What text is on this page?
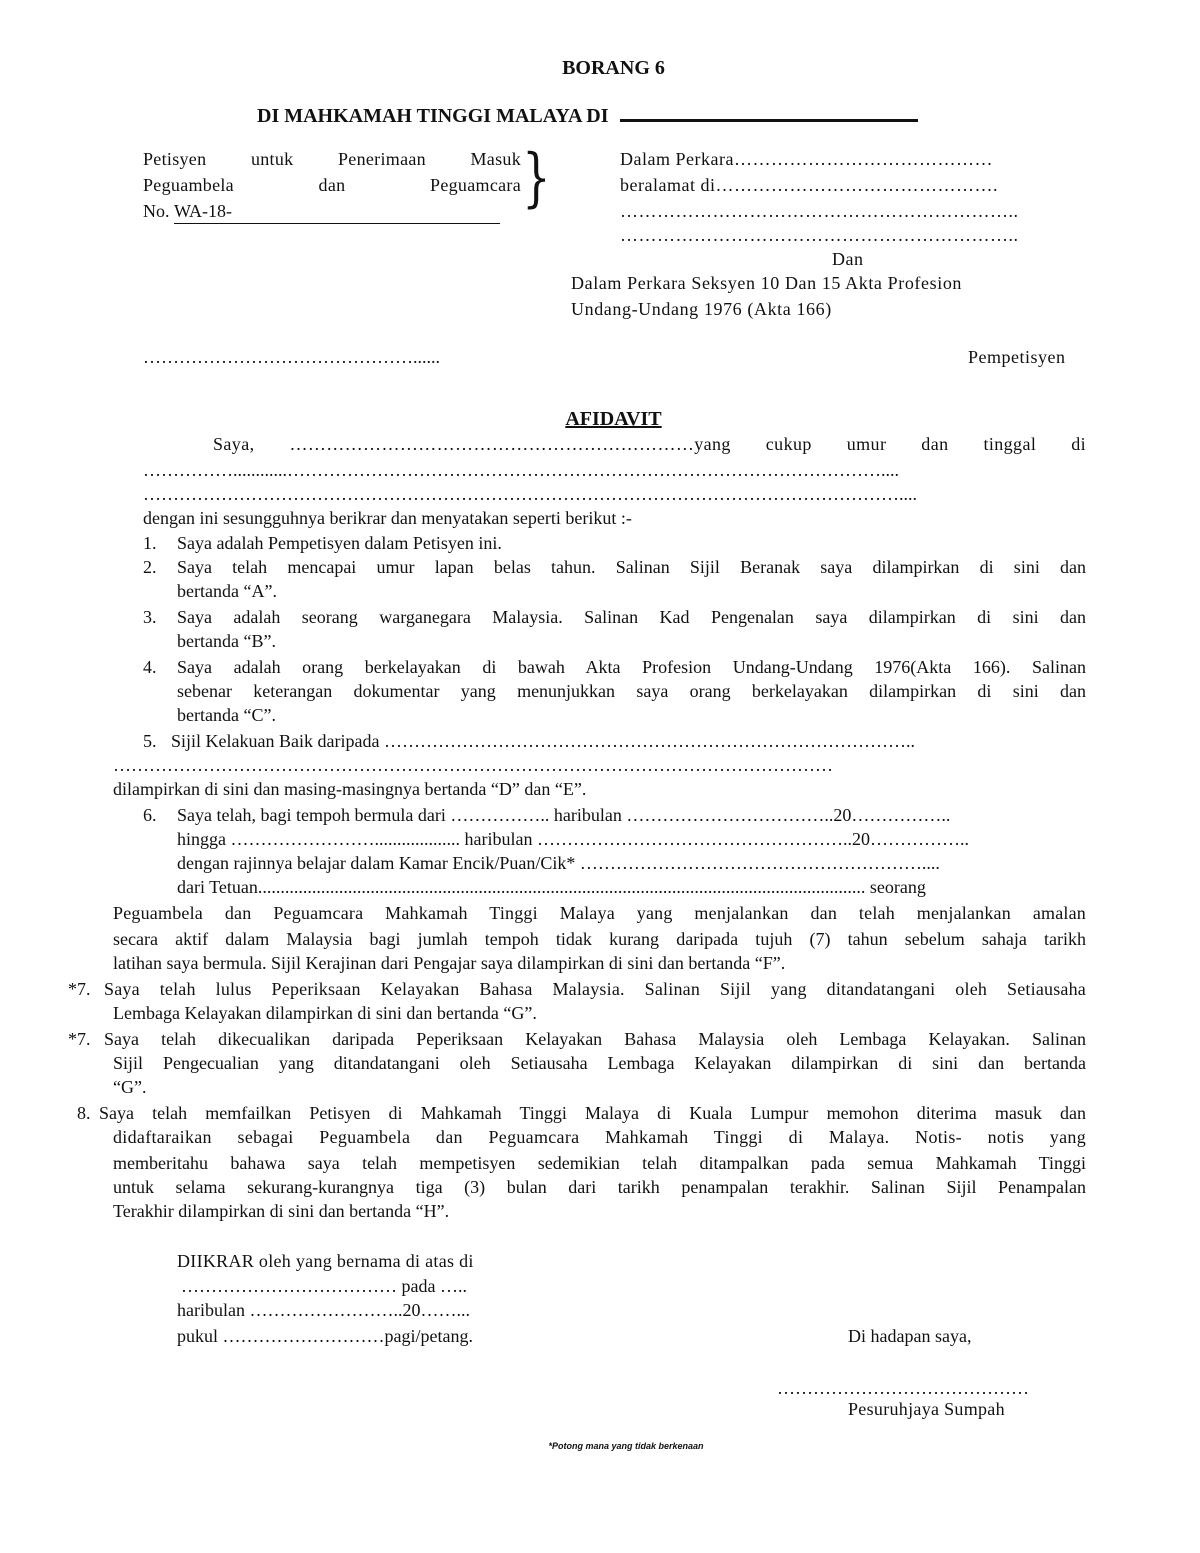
BORANG 6
DI MAHKAMAH TINGGI MALAYA DI
Petisyen untuk Penerimaan Masuk
Peguambela dan Peguamcara
No. WA-18-	}	Dalam Perkara……………………………………
beralamat di……………………………………….
………………………………………………………..
………………………………………………………..
Dan
Dalam Perkara Seksyen 10 Dan 15 Akta Profesion
Undang-Undang 1976 (Akta 166)
………………………………………......	Pempetisyen
AFIDAVIT
Saya, …………………………………………………………yang cukup umur dan tinggal di
……………............………………………………………………………………………………………....
………………………………………………………………………………………………………………....
dengan ini sesungguhnya berikrar dan menyatakan seperti berikut :-
1. Saya adalah Pempetisyen dalam Petisyen ini.
2. Saya telah mencapai umur lapan belas tahun. Salinan Sijil Beranak saya dilampirkan di sini dan
bertanda “A”.
3. Saya adalah seorang warganegara Malaysia. Salinan Kad Pengenalan saya dilampirkan di sini dan
bertanda “B”.
4. Saya adalah orang berkelayakan di bawah Akta Profesion Undang-Undang 1976(Akta 166). Salinan
sebenar keterangan dokumentar yang menunjukkan saya orang berkelayakan dilampirkan di sini dan
bertanda “C”.
5. Sijil Kelakuan Baik daripada ……………………………………………………………………………..
…………………………………………………………………………………………………………
dilampirkan di sini dan masing-masingnya bertanda “D” dan “E”.
6. Saya telah, bagi tempoh bermula dari …………….. haribulan ……………………………..20……………..
hingga ……………………................... haribulan ……………………………………………..20……………..
dengan rajinnya belajar dalam Kamar Encik/Puan/Cik* …………………………………………………....
dari Tetuan....................................................................................................................................... seorang
Peguambela dan Peguamcara Mahkamah Tinggi Malaya yang menjalankan dan telah menjalankan amalan
secara aktif dalam Malaysia bagi jumlah tempoh tidak kurang daripada tujuh (7) tahun sebelum sahaja tarikh
latihan saya bermula. Sijil Kerajinan dari Pengajar saya dilampirkan di sini dan bertanda “F”.
*7. Saya telah lulus Peperiksaan Kelayakan Bahasa Malaysia. Salinan Sijil yang ditandatangani oleh Setiausaha
Lembaga Kelayakan dilampirkan di sini dan bertanda “G”.
*7. Saya telah dikecualikan daripada Peperiksaan Kelayakan Bahasa Malaysia oleh Lembaga Kelayakan. Salinan
Sijil Pengecualian yang ditandatangani oleh Setiausaha Lembaga Kelayakan dilampirkan di sini dan bertanda
“G”.
8. Saya telah memfailkan Petisyen di Mahkamah Tinggi Malaya di Kuala Lumpur memohon diterima masuk dan
didaftaraikan sebagai Peguambela dan Peguamcara Mahkamah Tinggi di Malaya. Notis- notis yang
memberitahu bahawa saya telah mempetisyen sedemikian telah ditampalkan pada semua Mahkamah Tinggi
untuk selama sekurang-kurangnya tiga (3) bulan dari tarikh penampalan terakhir. Salinan Sijil Penampalan
Terakhir dilampirkan di sini dan bertanda “H”.
DIIKRAR oleh yang bernama di atas di
……………………………… pada …..
haribulan ……………………..20……...
pukul ………………………pagi/petang.	Di hadapan saya,
……………………………………
Pesuruhjaya Sumpah
*Potong mana yang tidak berkenaan
